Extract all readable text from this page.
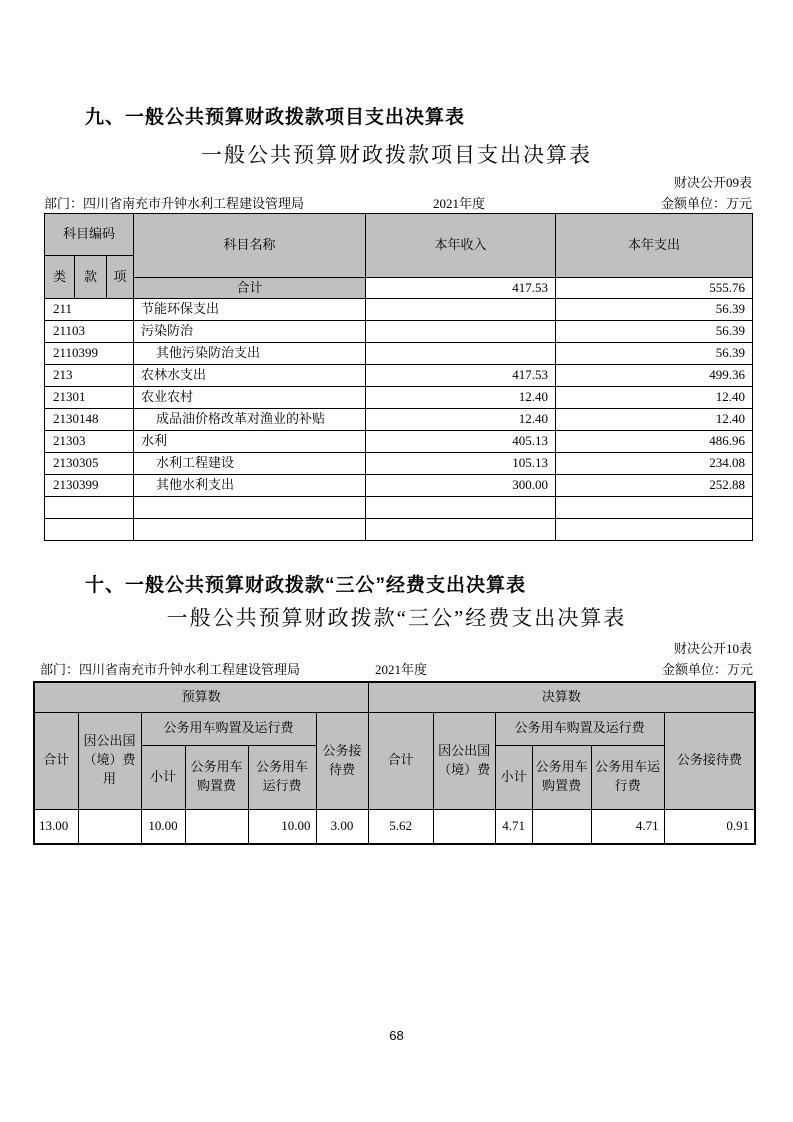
九、一般公共预算财政拨款项目支出决算表
一般公共预算财政拨款项目支出决算表
财决公开09表
部门：四川省南充市升钟水利工程建设管理局	2021年度	金额单位：万元
科目编码			科目名称	本年收入	本年支出
类	款	项			
			合计	417.53	555.76
211			节能环保支出		56.39
21103			污染防治		56.39
2110399			其他污染防治支出		56.39
213			农林水支出	417.53	499.36
21301			农业农村	12.40	12.40
2130148			成品油价格改革对渔业的补贴	12.40	12.40
21303			水利	405.13	486.96
2130305			水利工程建设	105.13	234.08
2130399			其他水利支出	300.00	252.88

十、一般公共预算财政拨款“三公”经费支出决算表
一般公共预算财政拨款“三公”经费支出决算表
财决公开10表
部门：四川省南充市升钟水利工程建设管理局	2021年度	金额单位：万元
预算数						决算数					
合计	因公出国（境）费用	公务用车购置及运行费			公务接待费	合计	因公出国（境）费	公务用车购置及运行费			公务接待费
		小计	公务用车购置费	公务用车运行费				小计	公务用车购置费	公务用车运行费	
13.00		10.00		10.00	3.00	5.62		4.71		4.71	0.91
68
